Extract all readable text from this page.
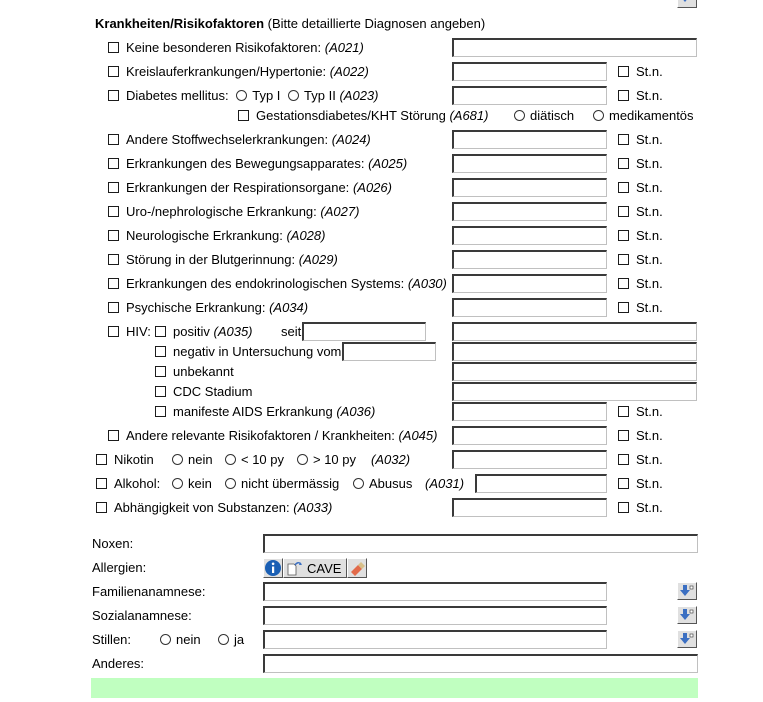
Krankheiten/Risikofaktoren (Bitte detaillierte Diagnosen angeben)
Keine besonderen Risikofaktoren: (A021)
Kreislauferkrankungen/Hypertonie: (A022)	St.n.
Diabetes mellitus: Typ I Typ II (A023)	St.n.
Gestationsdiabetes/KHT Störung (A681)	diätisch	medikamentös
Andere Stoffwechselerkrankungen: (A024)	St.n.
Erkrankungen des Bewegungsapparates: (A025)	St.n.
Erkrankungen der Respirationsorgane: (A026)	St.n.
Uro-/nephrologische Erkrankung: (A027)	St.n.
Neurologische Erkrankung: (A028)	St.n.
Störung in der Blutgerinnung: (A029)	St.n.
Erkrankungen des endokrinologischen Systems: (A030)	St.n.
Psychische Erkrankung: (A034)	St.n.
HIV: positiv (A035) seit
negativ in Untersuchung vom
unbekannt
CDC Stadium
manifeste AIDS Erkrankung (A036)	St.n.
Andere relevante Risikofaktoren / Krankheiten: (A045)	St.n.
Nikotin	nein	< 10 py	> 10 py (A032)	St.n.
Alkohol:	kein	nicht übermässig	Abusus (A031)	St.n.
Abhängigkeit von Substanzen: (A033)	St.n.
Noxen:
Allergien:	CAVE
Familienanamnese:
Sozialanamnese:
Stillen:	nein	ja
Anderes:
